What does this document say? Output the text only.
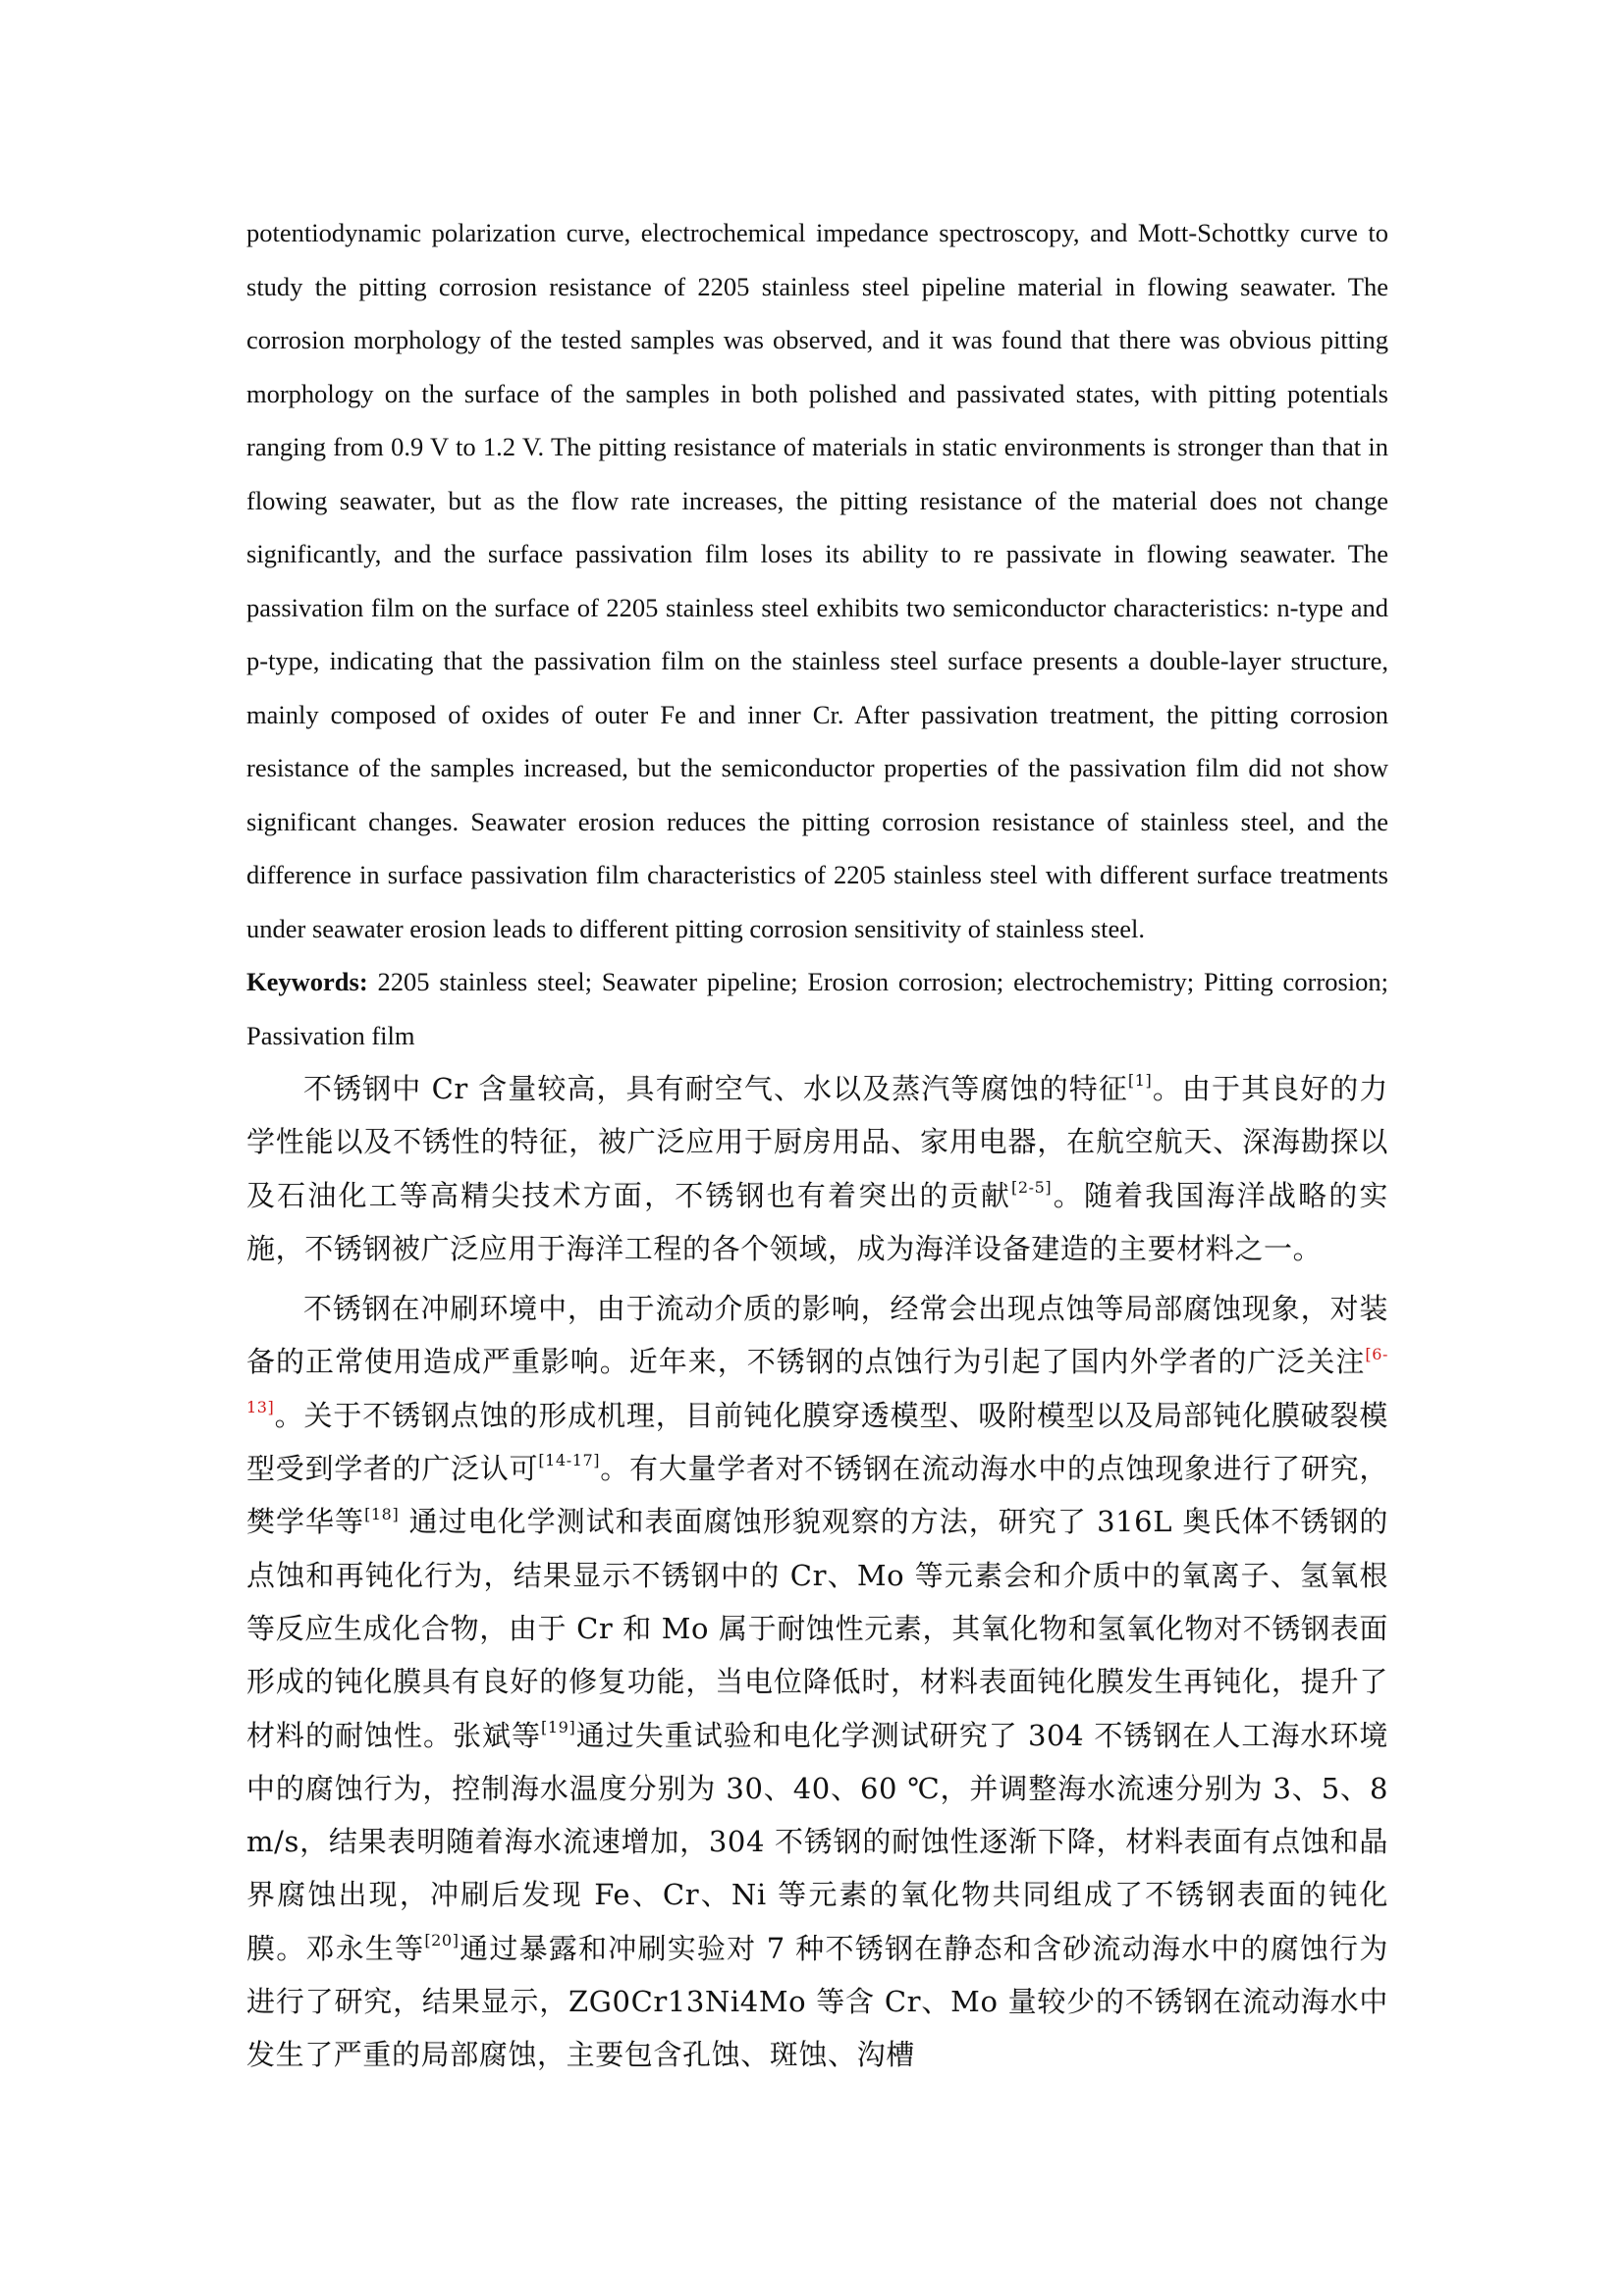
potentiodynamic polarization curve, electrochemical impedance spectroscopy, and Mott-Schottky curve to study the pitting corrosion resistance of 2205 stainless steel pipeline material in flowing seawater. The corrosion morphology of the tested samples was observed, and it was found that there was obvious pitting morphology on the surface of the samples in both polished and passivated states, with pitting potentials ranging from 0.9 V to 1.2 V. The pitting resistance of materials in static environments is stronger than that in flowing seawater, but as the flow rate increases, the pitting resistance of the material does not change significantly, and the surface passivation film loses its ability to re passivate in flowing seawater. The passivation film on the surface of 2205 stainless steel exhibits two semiconductor characteristics: n-type and p-type, indicating that the passivation film on the stainless steel surface presents a double-layer structure, mainly composed of oxides of outer Fe and inner Cr. After passivation treatment, the pitting corrosion resistance of the samples increased, but the semiconductor properties of the passivation film did not show significant changes. Seawater erosion reduces the pitting corrosion resistance of stainless steel, and the difference in surface passivation film characteristics of 2205 stainless steel with different surface treatments under seawater erosion leads to different pitting corrosion sensitivity of stainless steel.

Keywords: 2205 stainless steel; Seawater pipeline; Erosion corrosion; electrochemistry; Pitting corrosion; Passivation film

不锈钢中 Cr 含量较高，具有耐空气、水以及蒸汽等腐蚀的特征[1]。由于其良好的力学性能以及不锈性的特征，被广泛应用于厨房用品、家用电器，在航空航天、深海勘探以及石油化工等高精尖技术方面，不锈钢也有着突出的贡献[2-5]。随着我国海洋战略的实施，不锈钢被广泛应用于海洋工程的各个领域，成为海洋设备建造的主要材料之一。

不锈钢在冲刷环境中，由于流动介质的影响，经常会出现点蚀等局部腐蚀现象，对装备的正常使用造成严重影响。近年来，不锈钢的点蚀行为引起了国内外学者的广泛关注[6-13]。关于不锈钢点蚀的形成机理，目前钝化膜穿透模型、吸附模型以及局部钝化膜破裂模型受到学者的广泛认可[14-17]。有大量学者对不锈钢在流动海水中的点蚀现象进行了研究，樊学华等[18] 通过电化学测试和表面腐蚀形貌观察的方法，研究了 316L 奥氏体不锈钢的点蚀和再钝化行为，结果显示不锈钢中的 Cr、Mo 等元素会和介质中的氧离子、氢氧根等反应生成化合物，由于 Cr 和 Mo 属于耐蚀性元素，其氧化物和氢氧化物对不锈钢表面形成的钝化膜具有良好的修复功能，当电位降低时，材料表面钝化膜发生再钝化，提升了材料的耐蚀性。张斌等[19]通过失重试验和电化学测试研究了 304 不锈钢在人工海水环境中的腐蚀行为，控制海水温度分别为 30、40、60 ℃，并调整海水流速分别为 3、5、8 m/s，结果表明随着海水流速增加，304 不锈钢的耐蚀性逐渐下降，材料表面有点蚀和晶界腐蚀出现，冲刷后发现 Fe、Cr、Ni 等元素的氧化物共同组成了不锈钢表面的钝化膜。邓永生等[20]通过暴露和冲刷实验对 7 种不锈钢在静态和含砂流动海水中的腐蚀行为进行了研究，结果显示，ZG0Cr13Ni4Mo 等含 Cr、Mo 量较少的不锈钢在流动海水中发生了严重的局部腐蚀，主要包含孔蚀、斑蚀、沟槽
